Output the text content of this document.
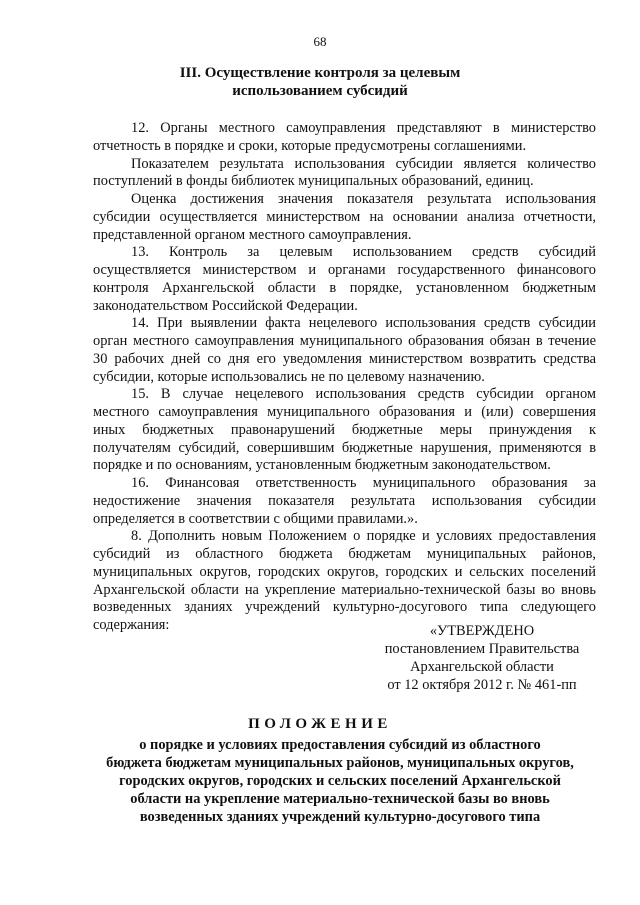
68
III. Осуществление контроля за целевым
использованием субсидий

12. Органы местного самоуправления представляют в министерство отчетность в порядке и сроки, которые предусмотрены соглашениями.

Показателем результата использования субсидии является количество поступлений в фонды библиотек муниципальных образований, единиц.

Оценка достижения значения показателя результата использования субсидии осуществляется министерством на основании анализа отчетности, представленной органом местного самоуправления.

13. Контроль за целевым использованием средств субсидий осуществляется министерством и органами государственного финансового контроля Архангельской области в порядке, установленном бюджетным законодательством Российской Федерации.

14. При выявлении факта нецелевого использования средств субсидии орган местного самоуправления муниципального образования обязан в течение 30 рабочих дней со дня его уведомления министерством возвратить средства субсидии, которые использовались не по целевому назначению.

15. В случае нецелевого использования средств субсидии органом местного самоуправления муниципального образования и (или) совершения иных бюджетных правонарушений бюджетные меры принуждения к получателям субсидий, совершившим бюджетные нарушения, применяются в порядке и по основаниям, установленным бюджетным законодательством.

16. Финансовая ответственность муниципального образования за недостижение значения показателя результата использования субсидии определяется в соответствии с общими правилами.».

8. Дополнить новым Положением о порядке и условиях предоставления субсидий из областного бюджета бюджетам муниципальных районов, муниципальных округов, городских округов, городских и сельских поселений Архангельской области на укрепление материально-технической базы во вновь возведенных зданиях учреждений культурно-досугового типа следующего содержания:	«УТВЕРЖДЕНО
постановлением Правительства
Архангельской области
от 12 октября 2012 г. № 461-пп
ПОЛОЖЕНИЕ
о порядке и условиях предоставления субсидий из областного
бюджета бюджетам муниципальных районов, муниципальных округов,
городских округов, городских и сельских поселений Архангельской
области на укрепление материально-технической базы во вновь
возведенных зданиях учреждений культурно-досугового типа
